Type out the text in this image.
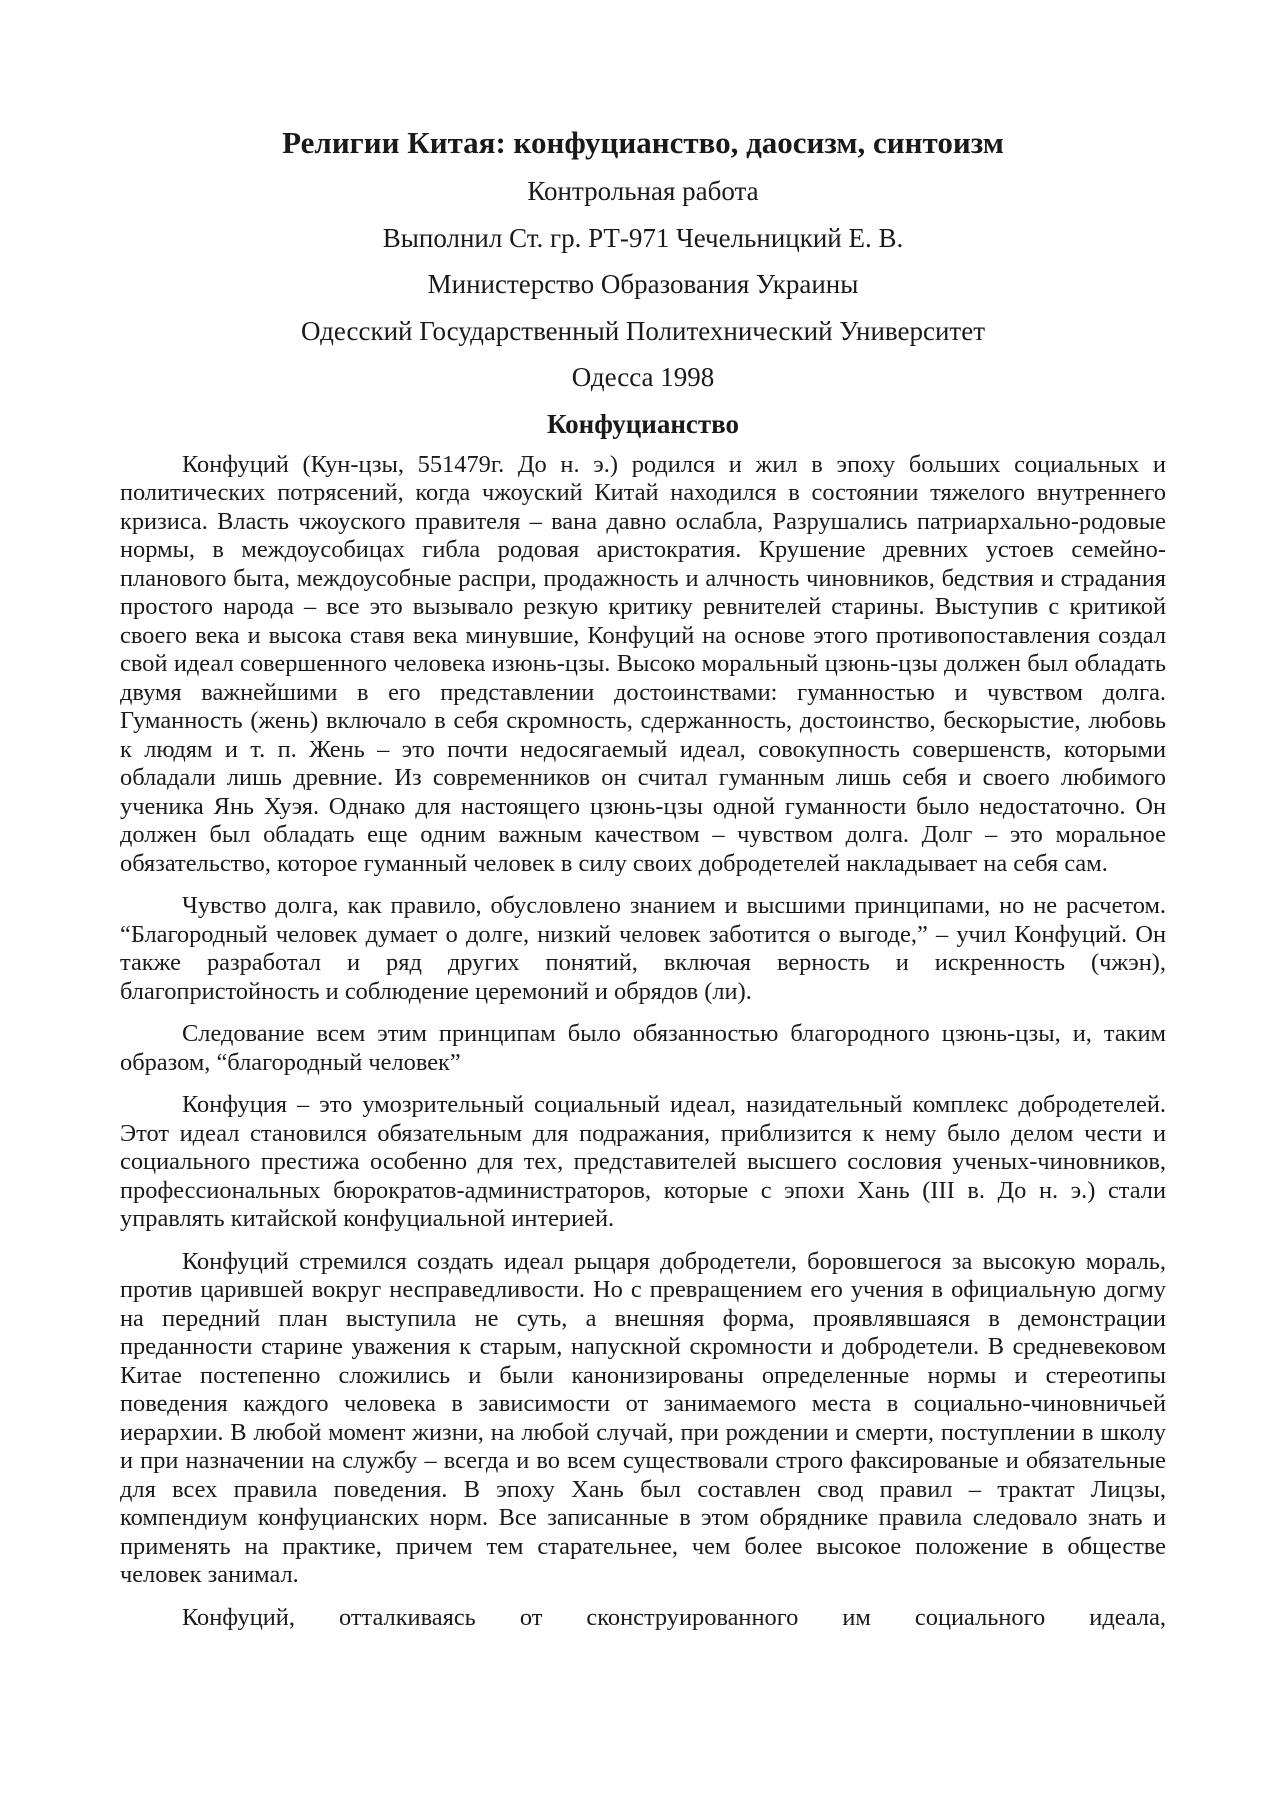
Религии Китая: конфуцианство, даосизм, синтоизм

Контрольная работа

Выполнил Ст. гр. РТ-971 Чечельницкий Е. В.

Министерство Образования Украины

Одесский Государственный Политехнический Университет

Одесса 1998

Конфуцианство

Конфуций (Кун-цзы, 551479г. До н. э.) родился и жил в эпоху больших социальных и политических потрясений, когда чжоуский Китай находился в состоянии тяжелого внутреннего кризиса. Власть чжоуского правителя – вана давно ослабла, Разрушались патриархально-родовые нормы, в междоусобицах гибла родовая аристократия. Крушение древних устоев семейно-планового быта, междоусобные распри, продажность и алчность чиновников, бедствия и страдания простого народа – все это вызывало резкую критику ревнителей старины. Выступив с критикой своего века и высока ставя века минувшие, Конфуций на основе этого противопоставления создал свой идеал совершенного человека изюнь-цзы. Высоко моральный цзюнь-цзы должен был обладать двумя важнейшими в его представлении достоинствами: гуманностью и чувством долга. Гуманность (жень) включало в себя скромность, сдержанность, достоинство, бескорыстие, любовь к людям и т. п. Жень – это почти недосягаемый идеал, совокупность совершенств, которыми обладали лишь древние. Из современников он считал гуманным лишь себя и своего любимого ученика Янь Хуэя. Однако для настоящего цзюнь-цзы одной гуманности было недостаточно. Он должен был обладать еще одним важным качеством – чувством долга. Долг – это моральное обязательство, которое гуманный человек в силу своих добродетелей накладывает на себя сам.

Чувство долга, как правило, обусловлено знанием и высшими принципами, но не расчетом. “Благородный человек думает о долге, низкий человек заботится о выгоде,” – учил Конфуций. Он также разработал и ряд других понятий, включая верность и искренность (чжэн), благопристойность и соблюдение церемоний и обрядов (ли).

Следование всем этим принципам было обязанностью благородного цзюнь-цзы, и, таким образом, “благородный человек”

Конфуция – это умозрительный социальный идеал, назидательный комплекс добродетелей. Этот идеал становился обязательным для подражания, приблизится к нему было делом чести и социального престижа особенно для тех, представителей высшего сословия ученых-чиновников, профессиональных бюрократов-администраторов, которые с эпохи Хань (III в. До н. э.) стали управлять китайской конфуциальной интерией.

Конфуций стремился создать идеал рыцаря добродетели, боровшегося за высокую мораль, против царившей вокруг несправедливости. Но с превращением его учения в официальную догму на передний план выступила не суть, а внешняя форма, проявлявшаяся в демонстрации преданности старине уважения к старым, напускной скромности и добродетели. В средневековом Китае постепенно сложились и были канонизированы определенные нормы и стереотипы поведения каждого человека в зависимости от занимаемого места в социально-чиновничьей иерархии. В любой момент жизни, на любой случай, при рождении и смерти, поступлении в школу и при назначении на службу – всегда и во всем существовали строго факсированые и обязательные для всех правила поведения. В эпоху Хань был составлен свод правил – трактат Лицзы, компендиум конфуцианских норм. Все записанные в этом обряднике правила следовало знать и применять на практике, причем тем старательнее, чем более высокое положение в обществе человек занимал.

Конфуций, отталкиваясь от сконструированного им социального идеала,
